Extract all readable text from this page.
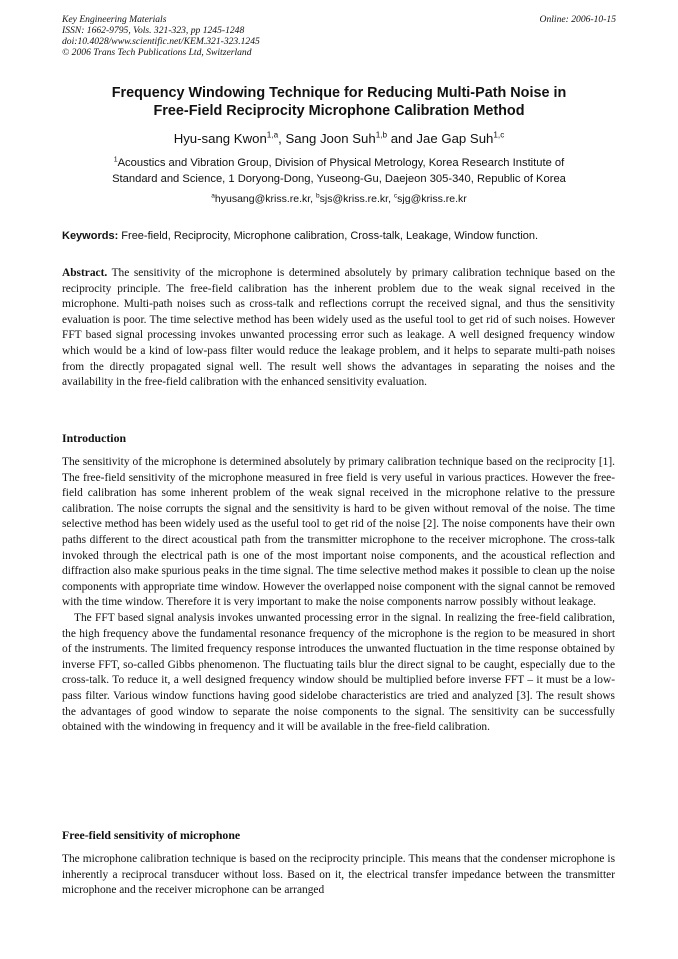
Key Engineering Materials
ISSN: 1662-9795, Vols. 321-323, pp 1245-1248
doi:10.4028/www.scientific.net/KEM.321-323.1245
© 2006 Trans Tech Publications Ltd, Switzerland
Online: 2006-10-15
Frequency Windowing Technique for Reducing Multi-Path Noise in
Free-Field Reciprocity Microphone Calibration Method
Hyu-sang Kwon$^{1,a}$, Sang Joon Suh$^{1,b}$ and Jae Gap Suh$^{1,c}$
$^1$Acoustics and Vibration Group, Division of Physical Metrology, Korea Research Institute of
Standard and Science, 1 Doryong-Dong, Yuseong-Gu, Daejeon 305-340, Republic of Korea
$^a$hyusang@kriss.re.kr, $^b$sjs@kriss.re.kr, $^c$sjg@kriss.re.kr
Keywords: Free-field, Reciprocity, Microphone calibration, Cross-talk, Leakage, Window function.
Abstract. The sensitivity of the microphone is determined absolutely by primary calibration technique based on the reciprocity principle. The free-field calibration has the inherent problem due to the weak signal received in the microphone. Multi-path noises such as cross-talk and reflections corrupt the received signal, and thus the sensitivity evaluation is poor. The time selective method has been widely used as the useful tool to get rid of such noises. However FFT based signal processing invokes unwanted processing error such as leakage. A well designed frequency window which would be a kind of low-pass filter would reduce the leakage problem, and it helps to separate multi-path noises from the directly propagated signal well. The result well shows the advantages in separating the noises and the availability in the free-field calibration with the enhanced sensitivity evaluation.
Introduction

The sensitivity of the microphone is determined absolutely by primary calibration technique based on the reciprocity [1]. The free-field sensitivity of the microphone measured in free field is very useful in various practices. However the free-field calibration has some inherent problem of the weak signal received in the microphone relative to the pressure calibration. The noise corrupts the signal and the sensitivity is hard to be given without removal of the noise. The time selective method has been widely used as the useful tool to get rid of the noise [2]. The noise components have their own paths different to the direct acoustical path from the transmitter microphone to the receiver microphone. The cross-talk invoked through the electrical path is one of the most important noise components, and the acoustical reflection and diffraction also make spurious peaks in the time signal. The time selective method makes it possible to clean up the noise components with appropriate time window. However the overlapped noise component with the signal cannot be removed with the time window. Therefore it is very important to make the noise components narrow possibly without leakage.

The FFT based signal analysis invokes unwanted processing error in the signal. In realizing the free-field calibration, the high frequency above the fundamental resonance frequency of the microphone is the region to be measured in short of the instruments. The limited frequency response introduces the unwanted fluctuation in the time response obtained by inverse FFT, so-called Gibbs phenomenon. The fluctuating tails blur the direct signal to be caught, especially due to the cross-talk. To reduce it, a well designed frequency window should be multiplied before inverse FFT – it must be a low-pass filter. Various window functions having good sidelobe characteristics are tried and analyzed [3]. The result shows the advantages of good window to separate the noise components to the signal. The sensitivity can be successfully obtained with the windowing in frequency and it will be available in the free-field calibration.

Free-field sensitivity of microphone
The microphone calibration technique is based on the reciprocity principle. This means that the condenser microphone is inherently a reciprocal transducer without loss. Based on it, the electrical transfer impedance between the transmitter microphone and the receiver microphone can be arranged
